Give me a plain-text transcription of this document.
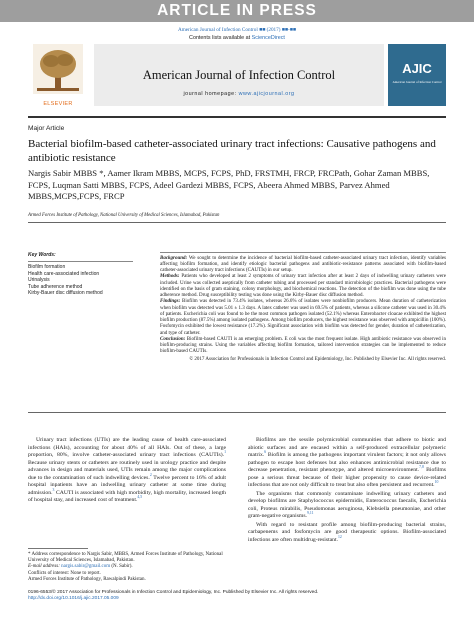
ARTICLE IN PRESS
American Journal of Infection Control ■■ (2017) ■■-■■
Contents lists available at ScienceDirect
ELSEVIER
American Journal of Infection Control
journal homepage: www.ajicjournal.org
AJIC
American Journal of Infection Control
Major Article
Bacterial biofilm-based catheter-associated urinary tract infections: Causative pathogens and antibiotic resistance
Nargis Sabir MBBS *, Aamer Ikram MBBS, MCPS, FCPS, PhD, FRSTMH, FRCP, FRCPath, Gohar Zaman MBBS, FCPS, Luqman Satti MBBS, FCPS, Adeel Gardezi MBBS, FCPS, Abeera Ahmed MBBS, Parvez Ahmed MBBS,MCPS,FCPS, FRCP
Armed Forces Institute of Pathology, National University of Medical Sciences, Islamabad, Pakistan
Key Words:
Biofilm formation
Health care-associated infection
Urinalysis
Tube adherence method
Kirby-Bauer disc diffusion method

Background: We sought to determine the incidence of bacterial biofilm-based catheter-associated urinary tract infection, identify variables affecting biofilm formation, and identify etiologic bacterial pathogens and antibiotic-resistance patterns associated with biofilm-based catheter-associated urinary tract infections (CAUTIs) in our setup.

Methods: Patients who developed at least 2 symptoms of urinary tract infection after at least 2 days of indwelling urinary catheters were included. Urine was collected aseptically from catheter tubing and processed per standard microbiologic practices. Bacterial pathogens were identified on the basis of gram staining, colony morphology, and biochemical reactions. The detection of the biofilm was done using the tube adherence method. Drug susceptibility testing was done using the Kirby-Bauer disc diffusion method.

Findings: Biofilm was detected in 73.4% isolates, whereas 26.6% of isolates were nonbiofilm producers. Mean duration of catheterization when biofilm was detected was 5.01 ± 1.3 days. A latex catheter was used in 69.5% of patients, whereas a silicone catheter was used in 30.4% of patients. Escherichia coli was found to be the most common pathogen isolated (52.1%) whereas Enterobacter cloacae exhibited the highest biofilm production (87.5%) among isolated pathogens. Among biofilm producers, the highest resistance was observed with ampicillin (100%). Fosfomycin exhibited the lowest resistance (17.2%). Significant association with biofilm was detected for gender, duration of catheterization, and type of catheter.

Conclusion: Biofilm-based CAUTI is an emerging problem. E coli was the most frequent isolate. High antibiotic resistance was observed in biofilm-producing strains. Using the variables affecting biofilm formation, tailored intervention strategies can be implemented to reduce biofilm-based CAUTIs.

© 2017 Association for Professionals in Infection Control and Epidemiology, Inc. Published by Elsevier Inc. All rights reserved.

Urinary tract infections (UTIs) are the leading cause of health care-associated infections (HAIs), accounting for about 40% of all HAIs. Out of these, a large proportion, 80%, involve catheter-associated urinary tract infections (CAUTIs).$^1$ Because urinary stents or catheters are routinely used in urology practice and despite advances in design and materials used, UTIs remain among the major complications due to the contamination of such indwelling devices.$^2$ Twelve percent to 16% of adult hospital inpatients have an indwelling urinary catheter at some time during admission.$^3$ CAUTI is associated with high morbidity, high mortality, increased length of hospital stay, and increased cost of treatment.$^{4,5}$

* Address correspondence to Nargis Sabir, MBBS, Armed Forces Institute of Pathology, National University of Medical Sciences, Islamabad, Pakistan.
E-mail address: nargis.sabir@gmail.com (N. Sabir).
Conflicts of interest: None to report.
Armed Forces Institute of Pathology, Rawalpindi Pakistan.

Biofilms are the sessile polymicrobial communities that adhere to biotic and abiotic surfaces and are encased within a self-produced extracellular polymeric matrix.$^6$ Biofilm is among the pathogens important virulent factors; it not only allows pathogen to escape host defenses but also enhances antimicrobial resistance due to decrease penetration, resistant phenotype, and altered microenvironment.$^{7,8}$ Biofilms pose a serious threat because of their higher propensity to cause device-related infections that are not only difficult to treat but also often persistent and recurrent.$^{10}$

The organisms that commonly contaminate indwelling urinary catheters and develop biofilms are Staphylococcus epidermidis, Enterococcus faecalis, Escherichia coli, Proteus mirabilis, Pseudomonas aeruginosa, Klebsiella pneumoniae, and other gram-negative organisms.$^{9,11}$

With regard to resistant profile among biofilm-producing bacterial strains, carbapenems and fosfomycin are good therapeutic options. Biofilm-associated infections are often multidrug-resistant.$^{12}$

0196-6553/© 2017 Association for Professionals in Infection Control and Epidemiology, Inc. Published by Elsevier Inc. All rights reserved.
http://dx.doi.org/10.1016/j.ajic.2017.05.009
